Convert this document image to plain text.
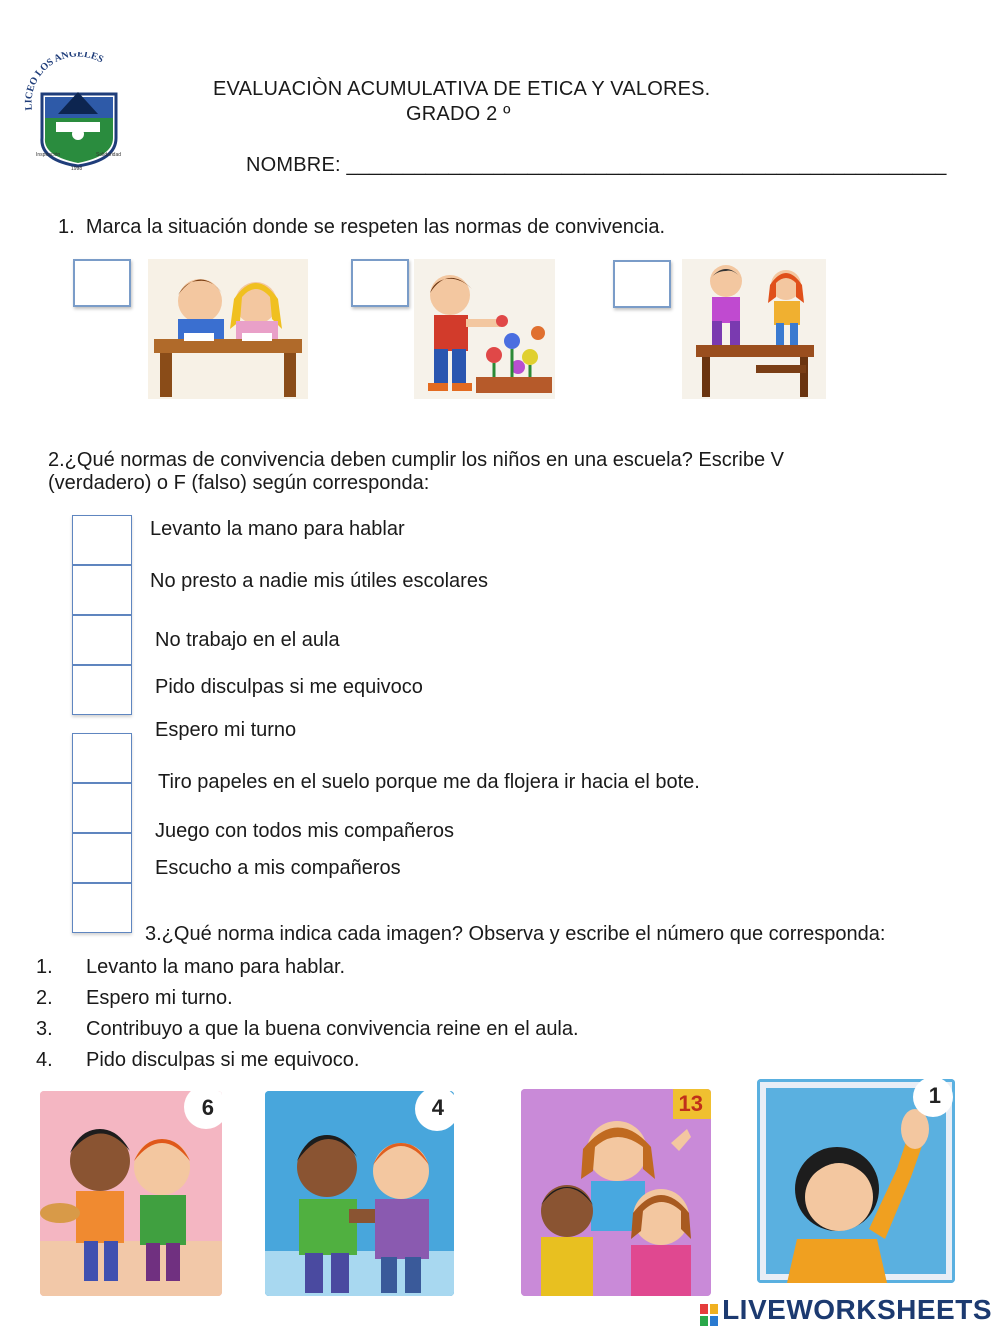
LICEO LOS ANGELES
Inspiración	Solidaridad
1998
EVALUACIÒN ACUMULATIVA DE ETICA Y VALORES.
GRADO 2 º
NOMBRE: _____________________________________________________
1. Marca la situación donde se respeten las normas de convivencia.
2.¿Qué normas de convivencia deben cumplir los niños en una escuela? Escribe V
(verdadero) o F (falso) según corresponda:
Levanto la mano para hablar
No presto a nadie mis útiles escolares
No trabajo en el aula
Pido disculpas si me equivoco
Espero mi turno
Tiro papeles en el suelo porque me da flojera ir hacia el bote.
Juego con todos mis compañeros
Escucho a mis compañeros
3.¿Qué norma indica cada imagen? Observa y escribe el número que corresponda:
1. Levanto la mano para hablar.
2. Espero mi turno.
3. Contribuyo a que la buena convivencia reine en el aula.
4. Pido disculpas si me equivoco.
6	4	13	1
LIVEWORKSHEETS
